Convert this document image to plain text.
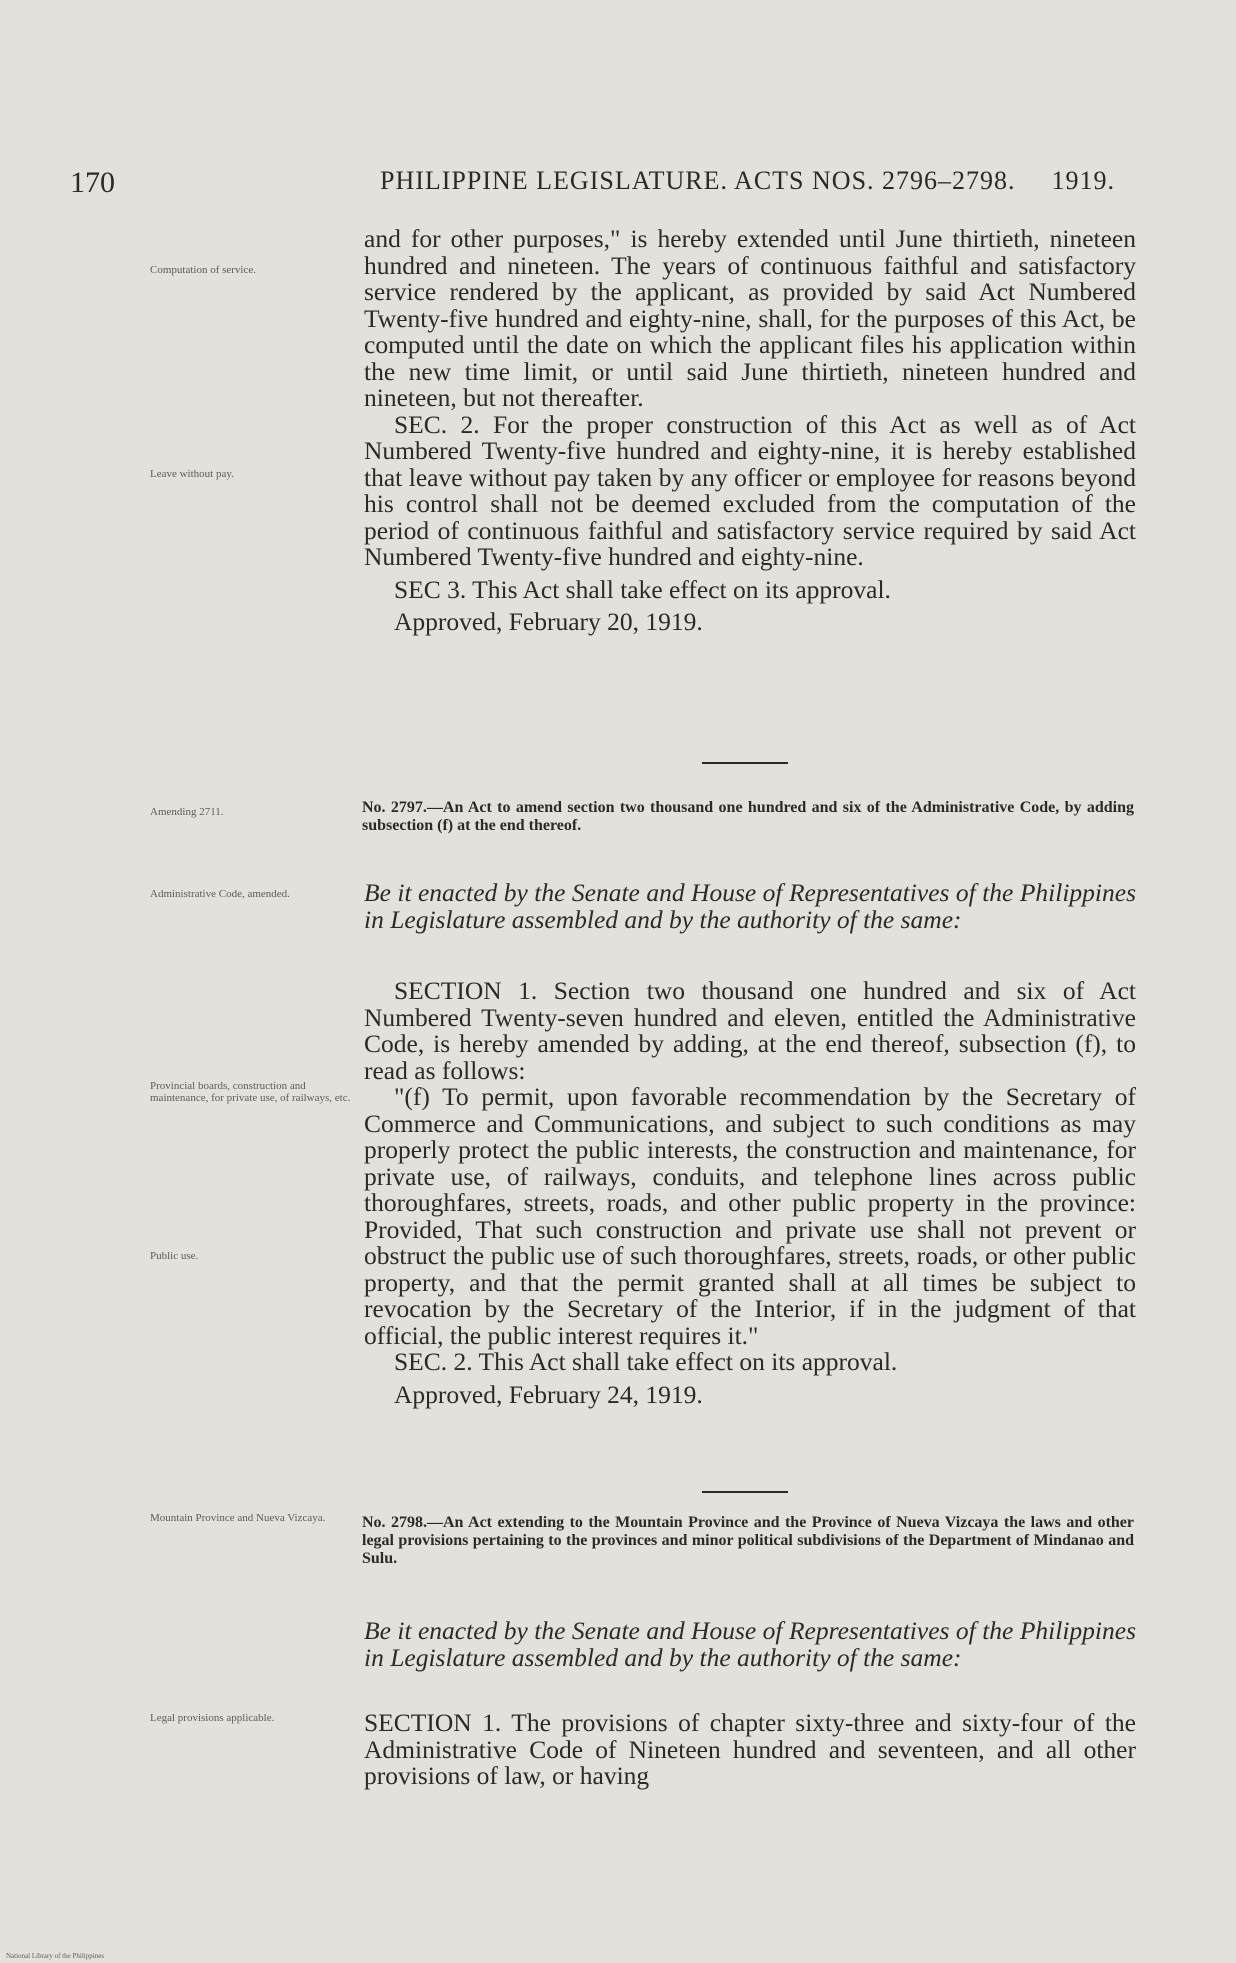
170	PHILIPPINE LEGISLATURE. ACTS NOS. 2796–2798. 1919.

and for other purposes," is hereby extended until June thirtieth, nineteen hundred and nineteen. The years of continuous faithful and satisfactory service rendered by the applicant, as provided by said Act Numbered Twenty-five hundred and eighty-nine, shall, for the purposes of this Act, be computed until the date on which the applicant files his application within the new time limit, or until said June thirtieth, nineteen hundred and nineteen, but not thereafter.

SEC. 2. For the proper construction of this Act as well as of Act Numbered Twenty-five hundred and eighty-nine, it is hereby established that leave without pay taken by any officer or employee for reasons beyond his control shall not be deemed excluded from the computation of the period of continuous faithful and satisfactory service required by said Act Numbered Twenty-five hundred and eighty-nine.

SEC 3. This Act shall take effect on its approval.

Approved, February 20, 1919.

No. 2797.—An Act to amend section two thousand one hundred and six of the Administrative Code, by adding subsection (f) at the end thereof.
Be it enacted by the Senate and House of Representatives of the Philippines in Legislature assembled and by the authority of the same:

SECTION 1. Section two thousand one hundred and six of Act Numbered Twenty-seven hundred and eleven, entitled the Administrative Code, is hereby amended by adding, at the end thereof, subsection (f), to read as follows:

"(f) To permit, upon favorable recommendation by the Secretary of Commerce and Communications, and subject to such conditions as may properly protect the public interests, the construction and maintenance, for private use, of railways, conduits, and telephone lines across public thoroughfares, streets, roads, and other public property in the province: Provided, That such construction and private use shall not prevent or obstruct the public use of such thoroughfares, streets, roads, or other public property, and that the permit granted shall at all times be subject to revocation by the Secretary of the Interior, if in the judgment of that official, the public interest requires it."

SEC. 2. This Act shall take effect on its approval.

Approved, February 24, 1919.

No. 2798.—An Act extending to the Mountain Province and the Province of Nueva Vizcaya the laws and other legal provisions pertaining to the provinces and minor political subdivisions of the Department of Mindanao and Sulu.
Be it enacted by the Senate and House of Representatives of the Philippines in Legislature assembled and by the authority of the same:
SECTION 1. The provisions of chapter sixty-three and sixty-four of the Administrative Code of Nineteen hundred and seventeen, and all other provisions of law, or having
Computation of service.
Leave without pay.
Amending 2711.
Administrative Code, amended.
Provincial boards, construction and maintenance, for private use, of railways, etc.
Public use.
Mountain Province and Nueva Vizcaya.
Legal provisions applicable.
National Library of the Philippines
